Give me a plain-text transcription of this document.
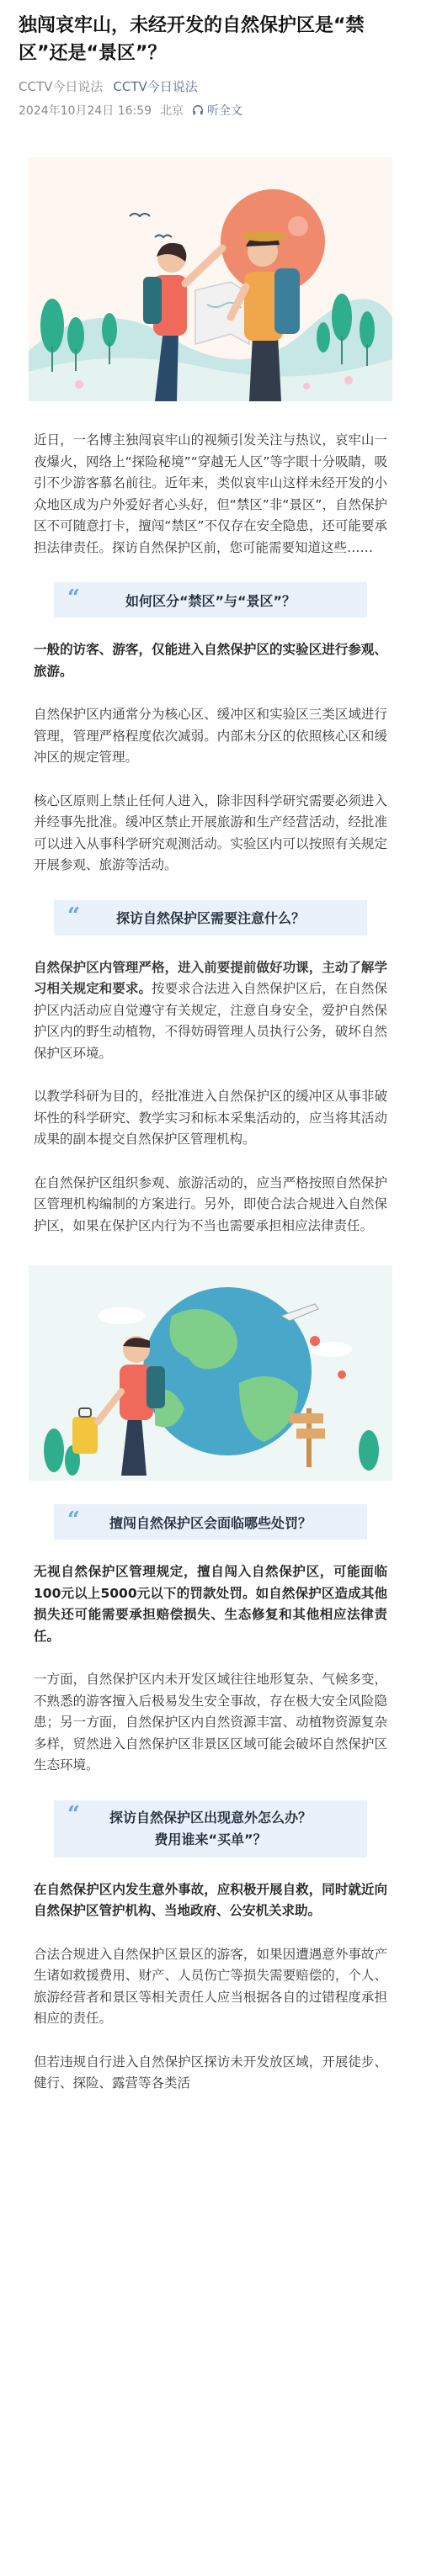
独闯哀牢山，未经开发的自然保护区是“禁区”还是“景区”？
CCTV今日说法 CCTV今日说法
2024年10月24日 16:59 北京 听全文

近日，一名博主独闯哀牢山的视频引发关注与热议，哀牢山一夜爆火，网络上“探险秘境”“穿越无人区”等字眼十分吸睛，吸引不少游客慕名前往。近年来，类似哀牢山这样未经开发的小众地区成为户外爱好者心头好，但“禁区”非“景区”，自然保护区不可随意打卡，擅闯“禁区”不仅存在安全隐患，还可能要承担法律责任。探访自然保护区前，您可能需要知道这些……

“	如何区分“禁区”与“景区”？

一般的访客、游客，仅能进入自然保护区的实验区进行参观、旅游。

自然保护区内通常分为核心区、缓冲区和实验区三类区域进行管理，管理严格程度依次减弱。内部未分区的依照核心区和缓冲区的规定管理。

核心区原则上禁止任何人进入，除非因科学研究需要必须进入并经事先批准。缓冲区禁止开展旅游和生产经营活动，经批准可以进入从事科学研究观测活动。实验区内可以按照有关规定开展参观、旅游等活动。

“	探访自然保护区需要注意什么？

自然保护区内管理严格，进入前要提前做好功课，主动了解学习相关规定和要求。按要求合法进入自然保护区后，在自然保护区内活动应自觉遵守有关规定，注意自身安全，爱护自然保护区内的野生动植物，不得妨碍管理人员执行公务，破坏自然保护区环境。

以教学科研为目的，经批准进入自然保护区的缓冲区从事非破坏性的科学研究、教学实习和标本采集活动的，应当将其活动成果的副本提交自然保护区管理机构。

在自然保护区组织参观、旅游活动的，应当严格按照自然保护区管理机构编制的方案进行。另外，即使合法合规进入自然保护区，如果在保护区内行为不当也需要承担相应法律责任。

“ 擅闯自然保护区会面临哪些处罚？

无视自然保护区管理规定，擅自闯入自然保护区，可能面临100元以上5000元以下的罚款处罚。如自然保护区造成其他损失还可能需要承担赔偿损失、生态修复和其他相应法律责任。

一方面，自然保护区内未开发区域往往地形复杂、气候多变，不熟悉的游客擅入后极易发生安全事故，存在极大安全风险隐患；另一方面，自然保护区内自然资源丰富、动植物资源复杂多样，贸然进入自然保护区非景区区域可能会破坏自然保护区生态环境。

“ 探访自然保护区出现意外怎么办？
费用谁来“买单”？

在自然保护区内发生意外事故，应积极开展自救，同时就近向自然保护区管护机构、当地政府、公安机关求助。

合法合规进入自然保护区景区的游客，如果因遭遇意外事故产生诸如救援费用、财产、人员伤亡等损失需要赔偿的，个人、旅游经营者和景区等相关责任人应当根据各自的过错程度承担相应的责任。

但若违规自行进入自然保护区探访未开发放区域，开展徒步、健行、探险、露营等各类活
